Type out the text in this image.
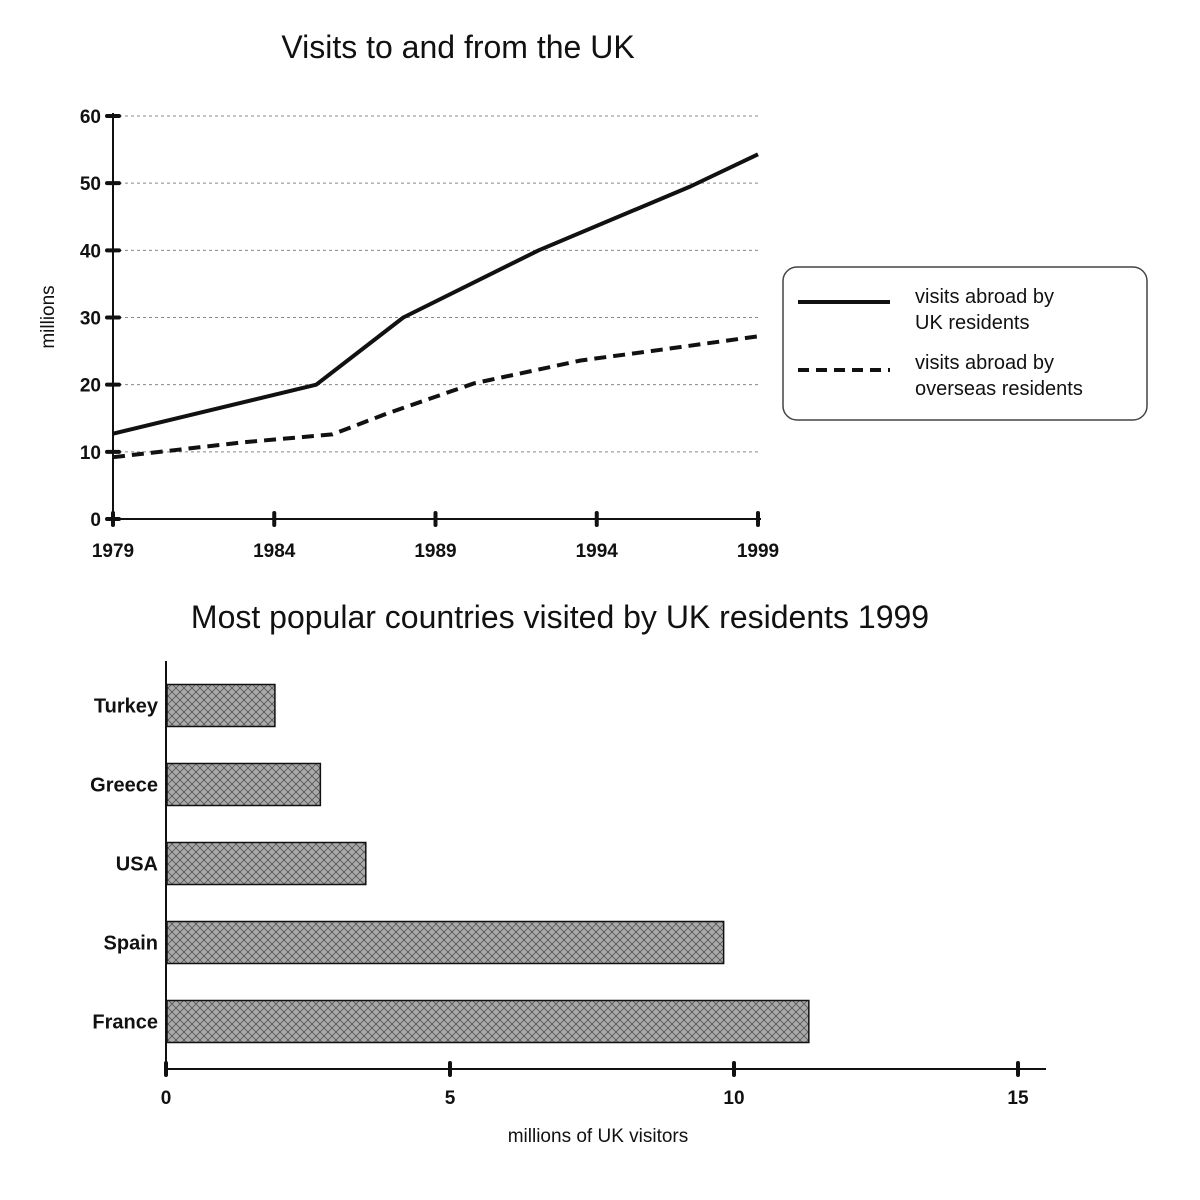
Visits to and from the UK
millions
0
10
20
30
40
50
60
1979	1984	1989	1994	1999
visits abroad by
UK residents
visits abroad by
overseas residents
Most popular countries visited by UK residents 1999
Turkey
Greece
USA
Spain
France
0	5	10	15
millions of UK visitors
